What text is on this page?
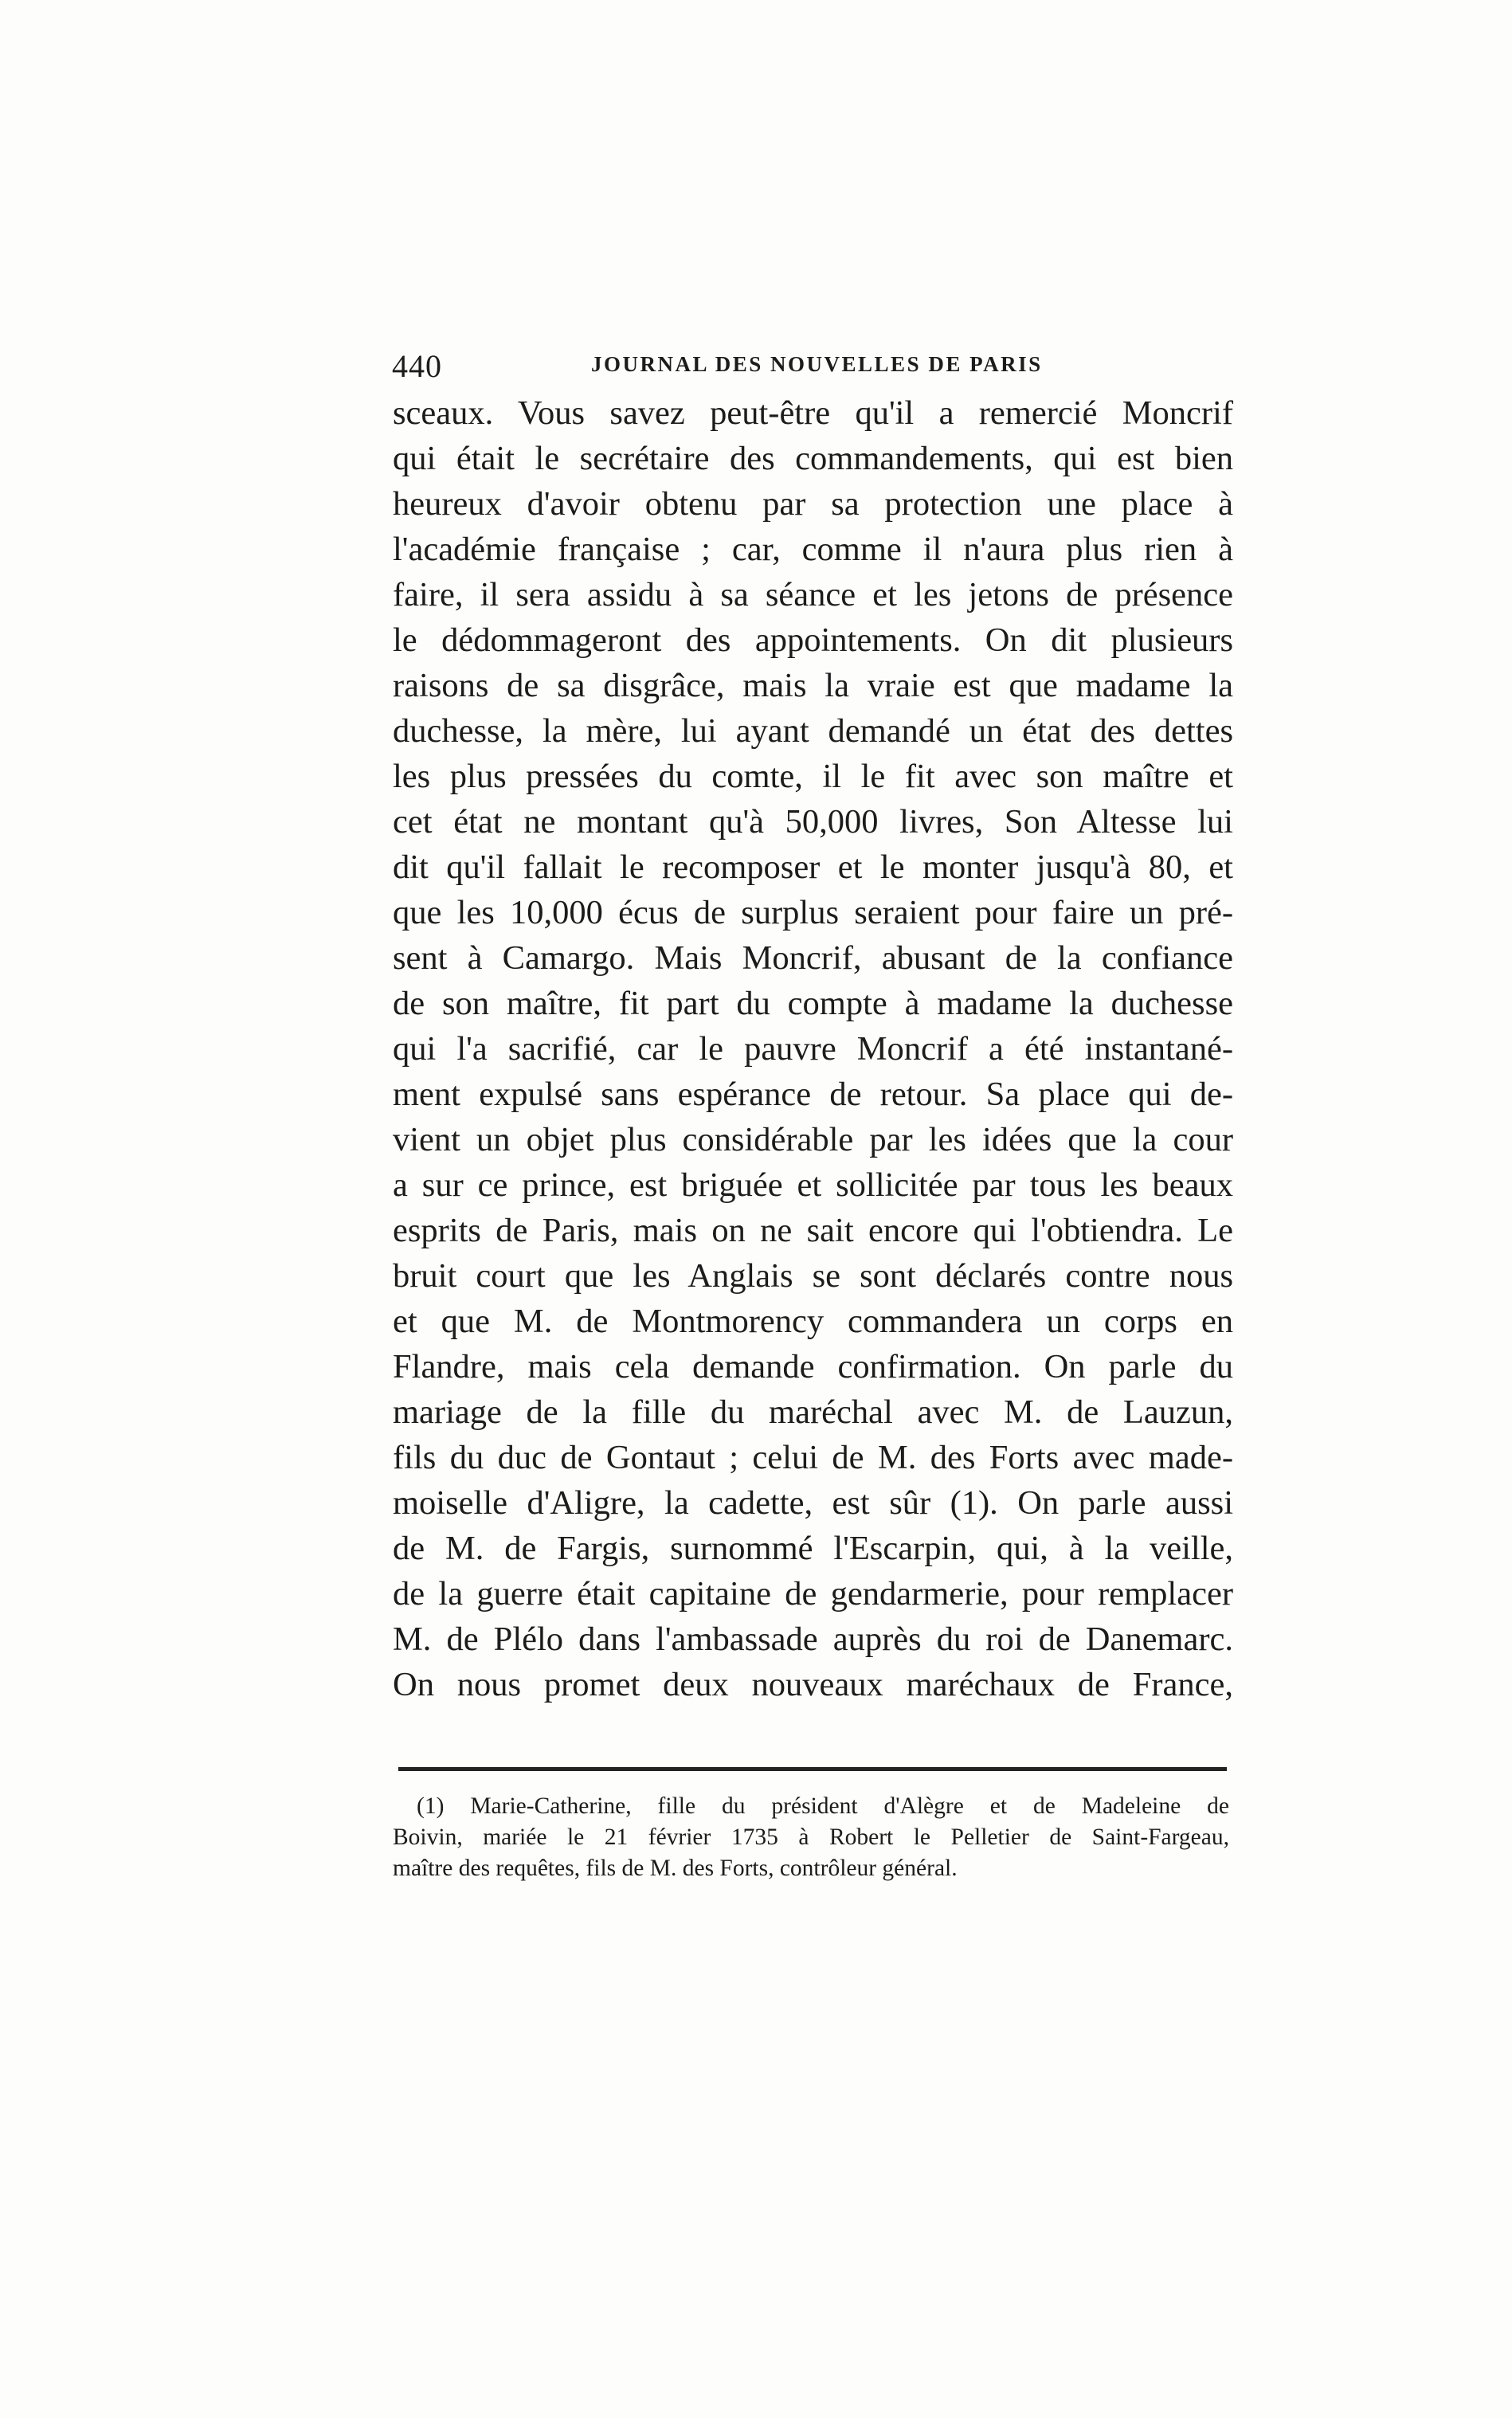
440	JOURNAL DES NOUVELLES DE PARIS
sceaux. Vous savez peut-être qu'il a remercié Moncrif
qui était le secrétaire des commandements, qui est bien
heureux d'avoir obtenu par sa protection une place à
l'académie française ; car, comme il n'aura plus rien à
faire, il sera assidu à sa séance et les jetons de présence
le dédommageront des appointements. On dit plusieurs
raisons de sa disgrâce, mais la vraie est que madame la
duchesse, la mère, lui ayant demandé un état des dettes
les plus pressées du comte, il le fit avec son maître et
cet état ne montant qu'à 50,000 livres, Son Altesse lui
dit qu'il fallait le recomposer et le monter jusqu'à 80, et
que les 10,000 écus de surplus seraient pour faire un pré-
sent à Camargo. Mais Moncrif, abusant de la confiance
de son maître, fit part du compte à madame la duchesse
qui l'a sacrifié, car le pauvre Moncrif a été instantané-
ment expulsé sans espérance de retour. Sa place qui de-
vient un objet plus considérable par les idées que la cour
a sur ce prince, est briguée et sollicitée par tous les beaux
esprits de Paris, mais on ne sait encore qui l'obtiendra. Le
bruit court que les Anglais se sont déclarés contre nous
et que M. de Montmorency commandera un corps en
Flandre, mais cela demande confirmation. On parle du
mariage de la fille du maréchal avec M. de Lauzun,
fils du duc de Gontaut ; celui de M. des Forts avec made-
moiselle d'Aligre, la cadette, est sûr (1). On parle aussi
de M. de Fargis, surnommé l'Escarpin, qui, à la veille,
de la guerre était capitaine de gendarmerie, pour remplacer
M. de Plélo dans l'ambassade auprès du roi de Danemarc.
On nous promet deux nouveaux maréchaux de France,
(1) Marie-Catherine, fille du président d'Alègre et de Madeleine de
Boivin, mariée le 21 février 1735 à Robert le Pelletier de Saint-Fargeau,
maître des requêtes, fils de M. des Forts, contrôleur général.
